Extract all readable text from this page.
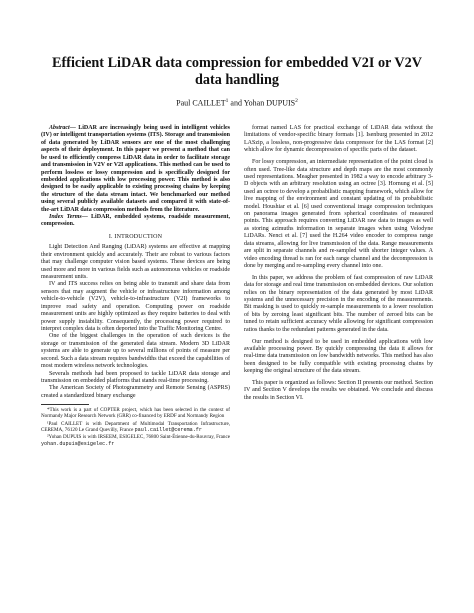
Efficient LiDAR data compression for embedded V2I or V2V data handling
Paul CAILLET$^1$ and Yohan DUPUIS$^2$

Abstract— LiDAR are increasingly being used in intelligent vehicles (IV) or intelligent transportation systems (ITS). Storage and transmission of data generated by LiDAR sensors are one of the most challenging aspects of their deployment. In this paper we present a method that can be used to efficiently compress LiDAR data in order to facilitate storage and transmission in V2V or V2I applications. This method can be used to perform lossless or lossy compression and is specifically designed for embedded applications with low processing power. This method is also designed to be easily applicable to existing processing chains by keeping the structure of the data stream intact. We benchmarked our method using several publicly available datasets and compared it with state-of-the-art LiDAR data compression methods from the literature.

Index Terms— LiDAR, embedded systems, roadside measurement, compression.

I. INTRODUCTION

Light Detection And Ranging (LiDAR) systems are effective at mapping their environment quickly and accurately. Their are robust to various factors that may challenge computer vision based systems. These devices are being used more and more in various fields such as autonomous vehicles or roadside measurement units.

IV and ITS success relies on being able to transmit and share data from sensors that may augment the vehicle or infrastructure information among vehicle-to-vehicle (V2V), vehicle-to-infrastructure (V2I) frameworks to improve road safety and operation. Computing power on roadside measurement units are highly optimized as they require batteries to deal with power supply instability. Consequently, the processing power required to interpret complex data is often deported into the Traffic Monitoring Centre.

One of the biggest challenges in the operation of such devices is the storage or transmission of the generated data stream. Modern 3D LiDAR systems are able to generate up to several millions of points of measure per second. Such a data stream requires bandwidths that exceed the capabilities of most modern wireless network technologies.

Severals methods had been proposed to tackle LiDAR data storage and transmission on embedded platforms that stands real-time processing.

The American Society of Photogrammetry and Remote Sensing (ASPRS) created a standardized binary exchange

*This work is a part of COPTER project, which has been selected in the context of Normandy Major Research Network (GRR) co-financed by ERDF and Normandy Region

¹Paul CAILLET is with Department of Multimodal Transportation Infrastructure, CEREMA, 76120 Le Grand Quevilly, France paul.caillet@cerema.fr

²Yohan DUPUIS is with IRSEEM, ESIGELEC, 76800 Saint-Étienne-du-Rouvray, France yohan.dupuis@esigelec.fr

format named LAS for practical exchange of LiDAR data without the limitations of vendor-specific binary formats [1]. Isenburg presented in 2012 LASzip, a lossless, non-progressive data compressor for the LAS format [2] which allow for dynamic decompression of specific parts of the dataset.

For lossy compression, an intermediate representation of the point cloud is often used. Tree-like data structure and depth maps are the most commonly used representations. Meagher presented in 1982 a way to encode arbitrary 3-D objects with an arbitrary resolution using an octree [3]. Hornung et al. [5] used an octree to develop a probabilistic mapping framework, which allow for live mapping of the environment and constant updating of its probabilistic model. Houshiar et al. [6] used conventional image compression techniques on panorama images generated from spherical coordinates of measured points. This approach requires converting LiDAR raw data to images as well as storing azimuths information in separate images when using Velodyne LiDARs. Nenci et al. [7] used the H.264 video encoder to compress range data streams, allowing for live transmission of the data. Range measurements are split in separate channels and re-sampled with shorter integer values. A video encoding thread is ran for each range channel and the decompression is done by merging and re-sampling every channel into one.

In this paper, we address the problem of fast compression of raw LiDAR data for storage and real time transmission on embedded devices. Our solution relies on the binary representation of the data generated by most LiDAR systems and the unnecessary precision in the encoding of the measurements. Bit masking is used to quickly re-sample measurements to a lower resolution of bits by zeroing least significant bits. The number of zeroed bits can be tuned to retain sufficient accuracy while allowing for significant compression ratios thanks to the redundant patterns generated in the data.

Our method is designed to be used in embedded applications with low available processing power. By quickly compressing the data it allows for real-time data transmission on low bandwidth networks. This method has also been designed to be fully compatible with existing processing chains by keeping the original structure of the data stream.

This paper is organized as follows: Section II presents our method. Section IV and Section V develops the results we obtained. We conclude and discuss the results in Section VI.
